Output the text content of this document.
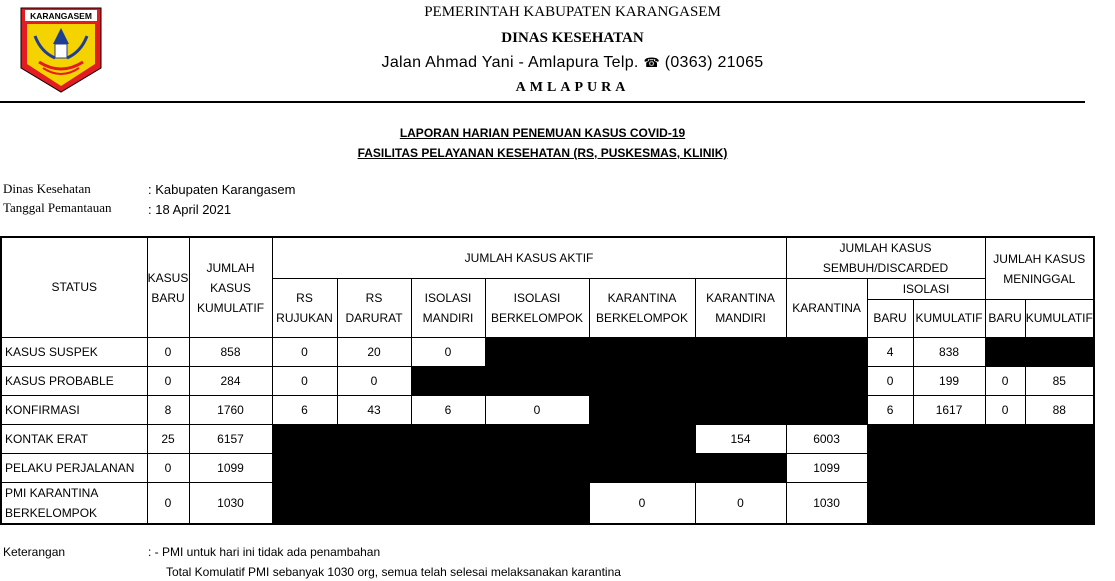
KARANGASEM	PEMERINTAH KABUPATEN KARANGASEM
DINAS KESEHATAN
Jalan Ahmad Yani - Amlapura Telp. ☎ (0363) 21065
AMLAPURA
LAPORAN HARIAN PENEMUAN KASUS COVID-19
FASILITAS PELAYANAN KESEHATAN (RS, PUSKESMAS, KLINIK)
Dinas Kesehatan	: Kabupaten Karangasem
Tanggal Pemantauan	: 18 April 2021
STATUS	KASUS BARU	JUMLAH KASUS KUMULATIF	JUMLAH KASUS AKTIF						JUMLAH KASUS SEMBUH/DISCARDED			JUMLAH KASUS MENINGGAL	
			RS RUJUKAN	RS DARURAT	ISOLASI MANDIRI	ISOLASI BERKELOMPOK	KARANTINA BERKELOMPOK	KARANTINA MANDIRI	KARANTINA	ISOLASI			
										BARU	KUMULATIF	BARU	KUMULATIF
KASUS SUSPEK	0	858	0	20	0					4	838		
KASUS PROBABLE	0	284	0	0						0	199	0	85
KONFIRMASI	8	1760	6	43	6	0				6	1617	0	88
KONTAK ERAT	25	6157						154	6003				
PELAKU PERJALANAN	0	1099							1099				

PMI KARANTINA
BERKELOMPOK	0	1030					0	0	1030				
Keterangan	: - PMI untuk hari ini tidak ada penambahan
Total Komulatif PMI sebanyak 1030 org, semua telah selesai melaksanakan karantina
